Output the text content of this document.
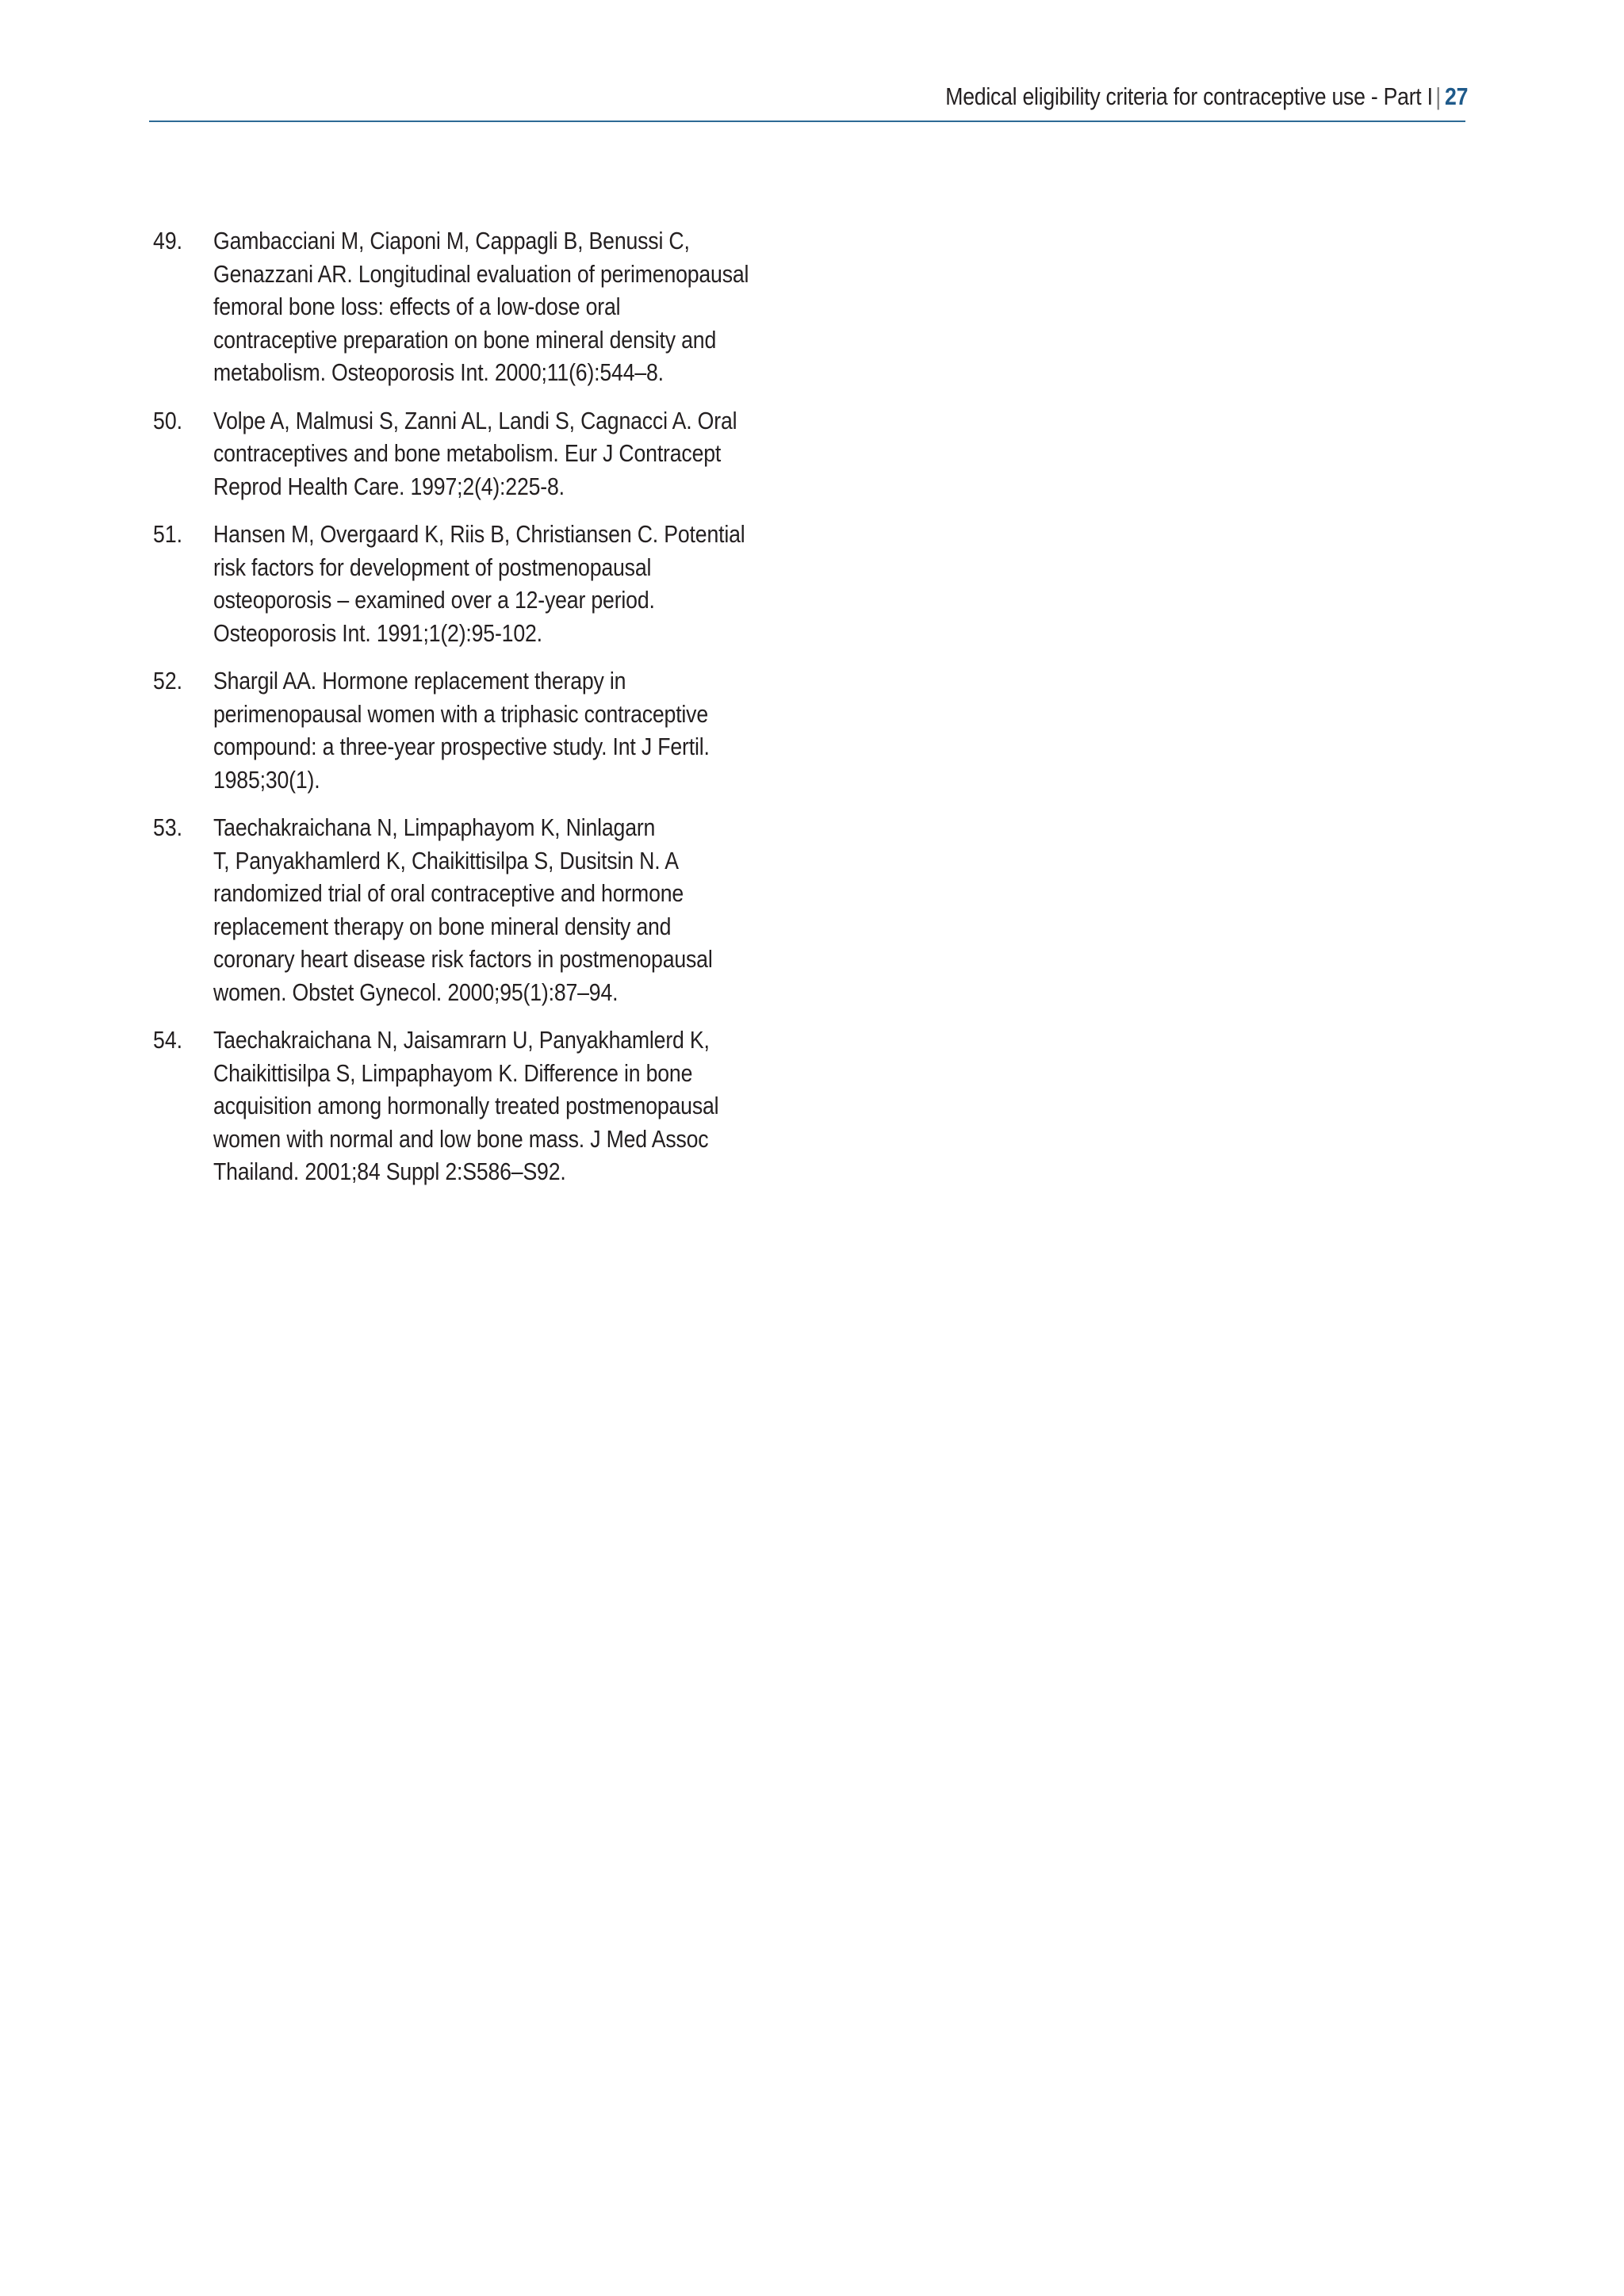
Medical eligibility criteria for contraceptive use - Part I | 27
49.	Gambacciani M, Ciaponi M, Cappagli B, Benussi C,
Genazzani AR. Longitudinal evaluation of perimenopausal
femoral bone loss: effects of a low-dose oral
contraceptive preparation on bone mineral density and
metabolism. Osteoporosis Int. 2000;11(6):544–8.
50.	Volpe A, Malmusi S, Zanni AL, Landi S, Cagnacci A. Oral
contraceptives and bone metabolism. Eur J Contracept
Reprod Health Care. 1997;2(4):225-8.
51.	Hansen M, Overgaard K, Riis B, Christiansen C. Potential
risk factors for development of postmenopausal
osteoporosis – examined over a 12-year period.
Osteoporosis Int. 1991;1(2):95-102.
52.	Shargil AA. Hormone replacement therapy in
perimenopausal women with a triphasic contraceptive
compound: a three-year prospective study. Int J Fertil.
1985;30(1).
53.	Taechakraichana N, Limpaphayom K, Ninlagarn
T, Panyakhamlerd K, Chaikittisilpa S, Dusitsin N. A
randomized trial of oral contraceptive and hormone
replacement therapy on bone mineral density and
coronary heart disease risk factors in postmenopausal
women. Obstet Gynecol. 2000;95(1):87–94.
54.	Taechakraichana N, Jaisamrarn U, Panyakhamlerd K,
Chaikittisilpa S, Limpaphayom K. Difference in bone
acquisition among hormonally treated postmenopausal
women with normal and low bone mass. J Med Assoc
Thailand. 2001;84 Suppl 2:S586–S92.
